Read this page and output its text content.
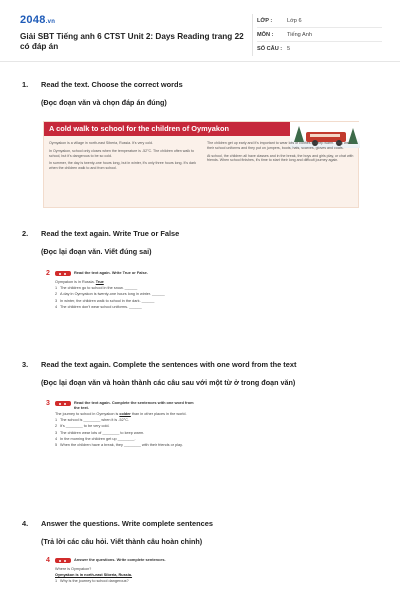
2048.vn
Giải SBT Tiếng anh 6 CTST Unit 2: Days Reading trang 22 có đáp án
LỚP :	Lớp 6
MÔN :	Tiếng Anh
SỐ CÂU : 5
1.	Read the text. Choose the correct words
(Đọc đoạn văn và chọn đáp án đúng)
A cold walk to school for the children of Oymyakon

Oymyakon is a village in north-east Siberia, Russia. It's very cold.

In Oymyakon, school only closes when the temperature is -52°C. The children often walk to school, but it's dangerous to be so cold.

In summer, the day is twenty-one hours long, but in winter, it's only three hours long. It's dark when the children walk to and from school.

The children get up early and it's important to wear lots of clothes to keep warm. They wear their school uniforms and they put on jumpers, boots, hats, scarves, gloves and coats.

At school, the children all have classes and in the break, the boys and girls play, or chat with friends. When school finishes, it's time to start their long and difficult journey again.

2.	Read the text again. Write True or False
(Đọc lại đoạn văn. Viết đúng sai)
2	Read the text again. Write True or False.
Oymyakon is in Russia. True
1 The children go to school in the snow. ______
2 A day in Oymyakon is twenty-one hours long in winter. ______
3 In winter, the children walk to school in the dark. ______
4 The children don't wear school uniforms. ______
3.	Read the text again. Complete the sentences with one word from the text
(Đọc lại đoạn văn và hoàn thành các câu sau với một từ ở trong đoạn văn)
3	Read the text again. Complete the sentences with one word from the text.
The journey to school in Oymyakon is colder than in other places in the world.
1 The school is ________ when it is -52°C.
2 It's ________ to be very cold.
3 The children wear lots of ________ to keep warm.
4 In the morning the children get up ________.
5 When the children have a break, they ________ with their friends or play.
4.	Answer the questions. Write complete sentences
(Trả lời các câu hỏi. Viết thành câu hoàn chỉnh)
4	Answer the questions. Write complete sentences.
Where is Oymyakon?
Oymyakon is in north-east Siberia, Russia.
1 Why is the journey to school dangerous?
